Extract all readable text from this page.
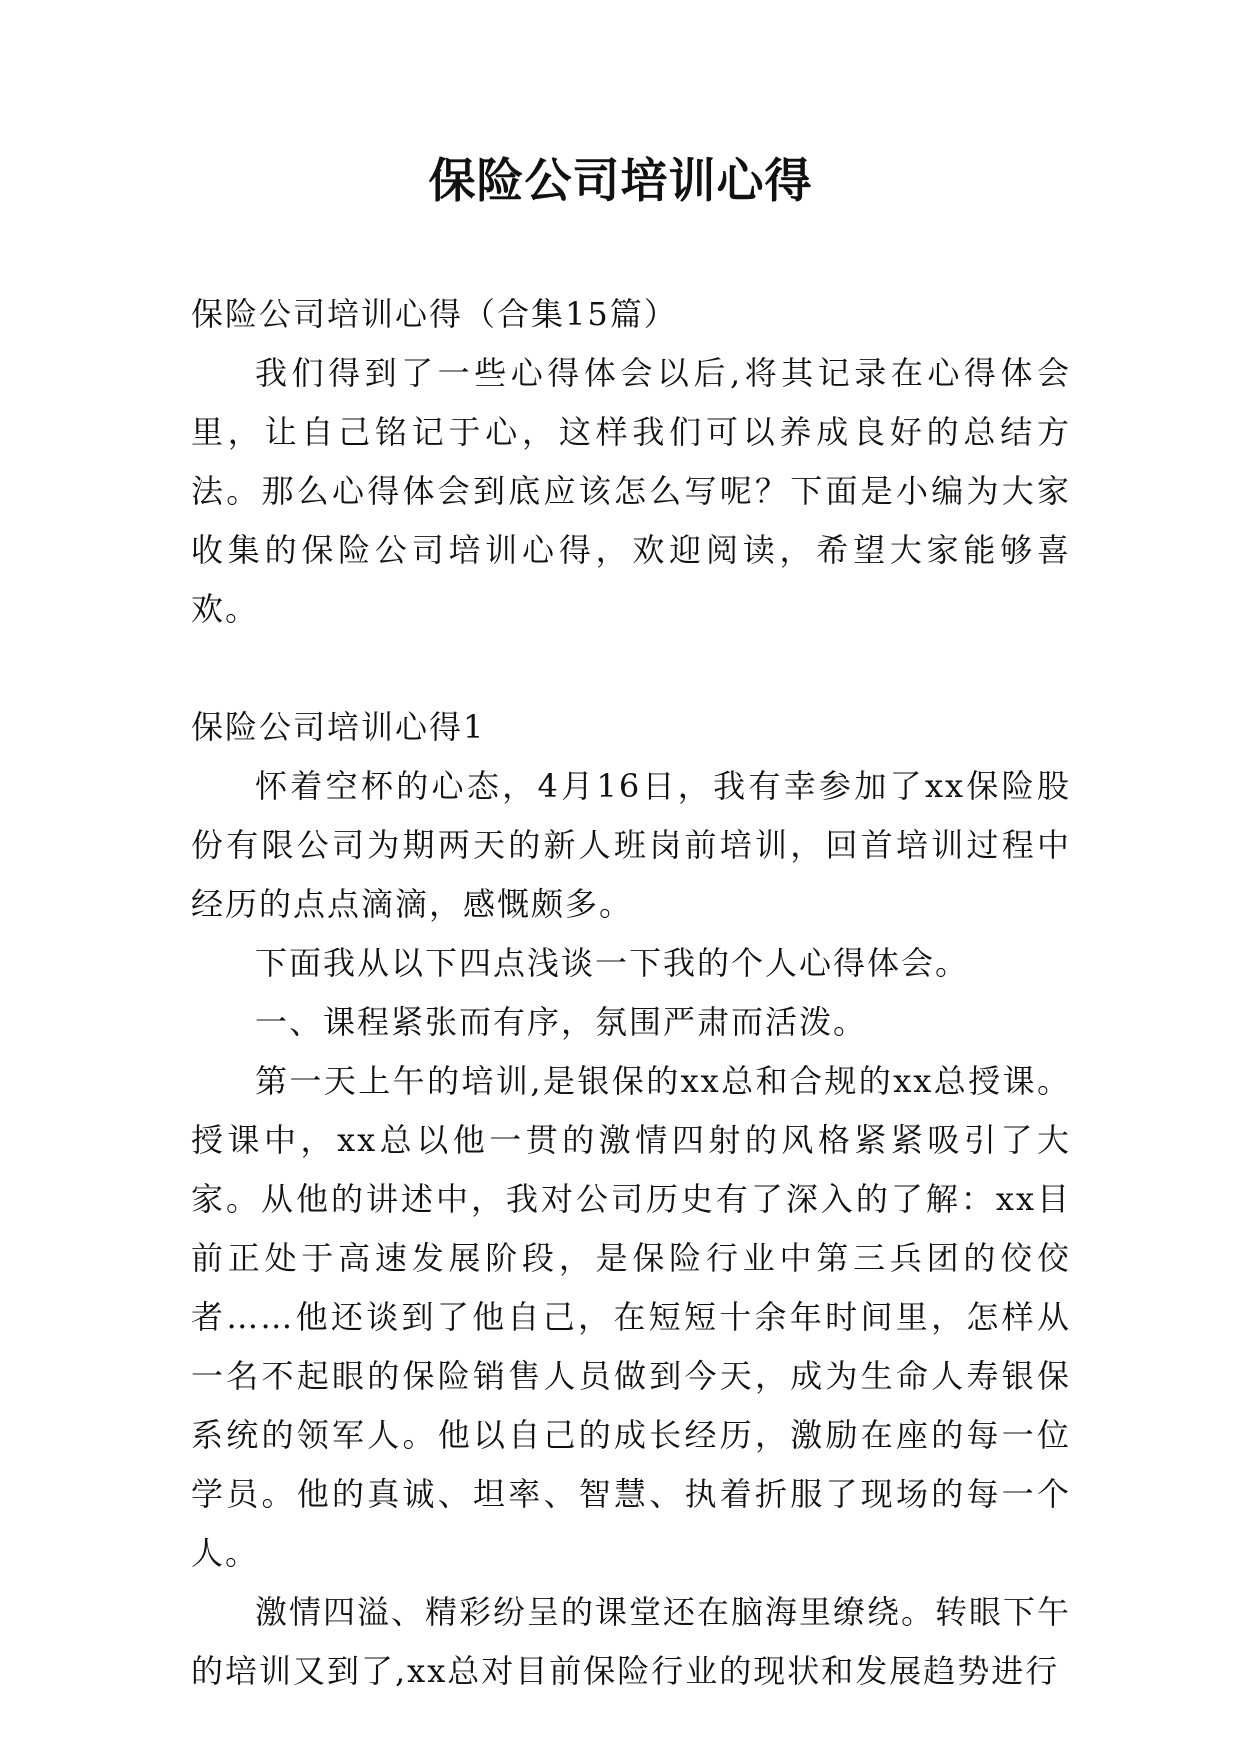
保险公司培训心得

保险公司培训心得（合集15篇）

我们得到了一些心得体会以后,将其记录在心得体会里，让自己铭记于心，这样我们可以养成良好的总结方法。那么心得体会到底应该怎么写呢？下面是小编为大家收集的保险公司培训心得，欢迎阅读，希望大家能够喜欢。

保险公司培训心得1

怀着空杯的心态，4月16日，我有幸参加了xx保险股份有限公司为期两天的新人班岗前培训，回首培训过程中经历的点点滴滴，感慨颇多。

下面我从以下四点浅谈一下我的个人心得体会。

一、课程紧张而有序，氛围严肃而活泼。

第一天上午的培训,是银保的xx总和合规的xx总授课。授课中，xx总以他一贯的激情四射的风格紧紧吸引了大家。从他的讲述中，我对公司历史有了深入的了解：xx目前正处于高速发展阶段，是保险行业中第三兵团的佼佼者……他还谈到了他自己，在短短十余年时间里，怎样从一名不起眼的保险销售人员做到今天，成为生命人寿银保系统的领军人。他以自己的成长经历，激励在座的每一位学员。他的真诚、坦率、智慧、执着折服了现场的每一个人。

激情四溢、精彩纷呈的课堂还在脑海里缭绕。转眼下午的培训又到了,xx总对目前保险行业的现状和发展趋势进行
